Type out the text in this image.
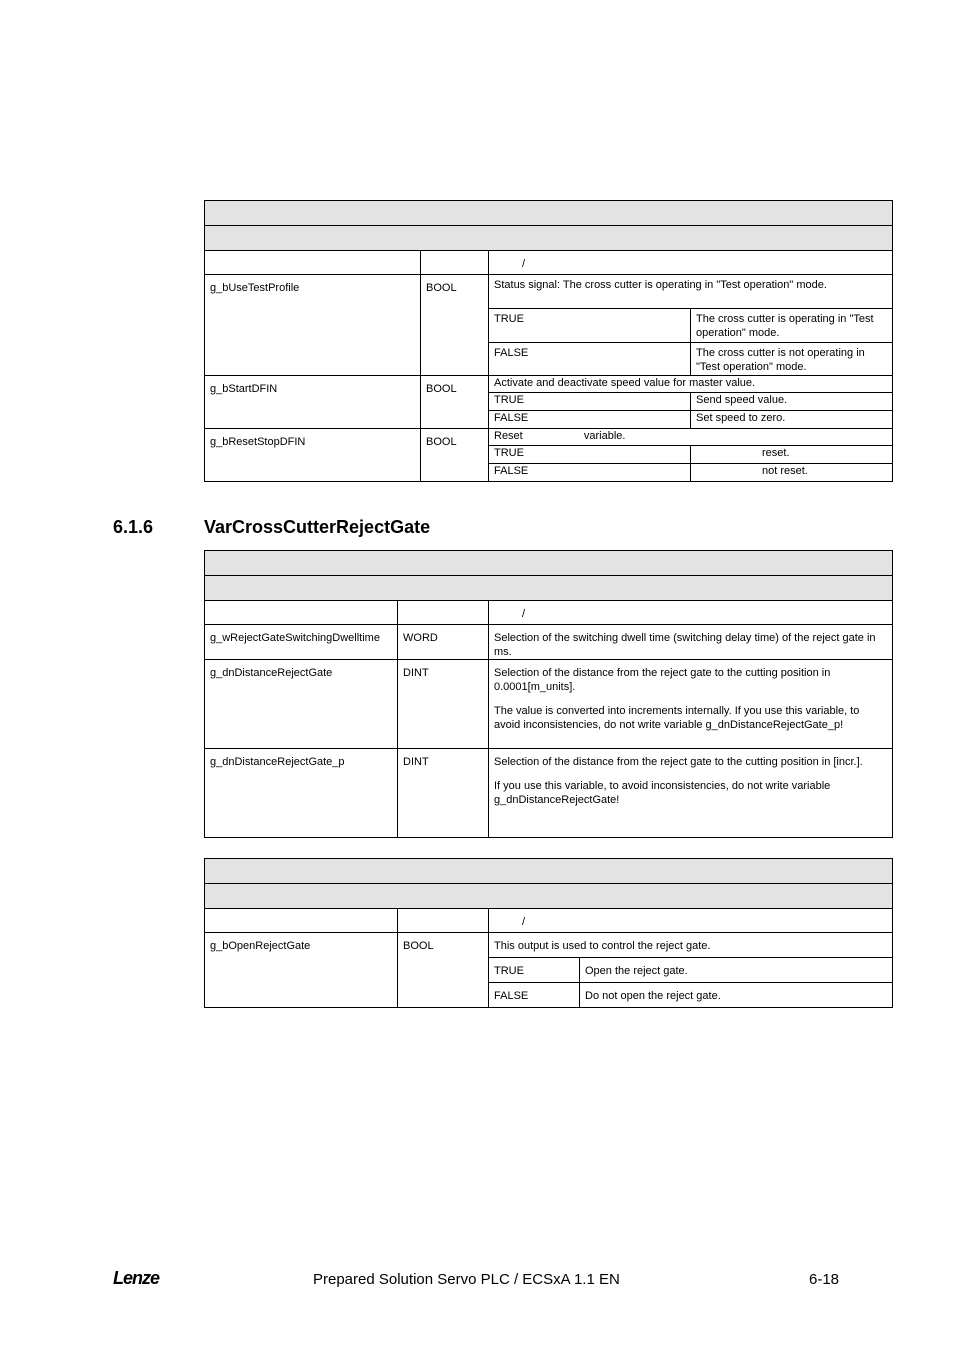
		/	
g_bUseTestProfile	BOOL	Status signal: The cross cutter is operating in "Test operation" mode.	
		TRUE	The cross cutter is operating in "Test operation" mode.
		FALSE	The cross cutter is not operating in "Test operation" mode.
g_bStartDFIN	BOOL	Activate and deactivate speed value for master value.	
		TRUE	Send speed value.
		FALSE	Set speed to zero.
g_bResetStopDFIN	BOOL	Reset                    variable.	
		TRUE	reset.
		FALSE	not reset.
6.1.6	VarCrossCutterRejectGate

		/
g_wRejectGateSwitchingDwelltime	WORD	Selection of the switching dwell time (switching delay time) of the reject gate in ms.

g_dnDistanceRejectGate	DINT	Selection of the distance from the reject gate to the cutting position in 0.0001[m_units].
The value is converted into increments internally. If you use this variable, to avoid inconsistencies, do not write variable g_dnDistanceRejectGate_p!

g_dnDistanceRejectGate_p	DINT	Selection of the distance from the reject gate to the cutting position in [incr.].
If you use this variable, to avoid inconsistencies, do not write variable g_dnDistanceRejectGate!

		/	
g_bOpenRejectGate	BOOL	This output is used to control the reject gate.	
		TRUE	Open the reject gate.
		FALSE	Do not open the reject gate.
Lenze	Prepared Solution Servo PLC / ECSxA 1.1 EN	6-18
